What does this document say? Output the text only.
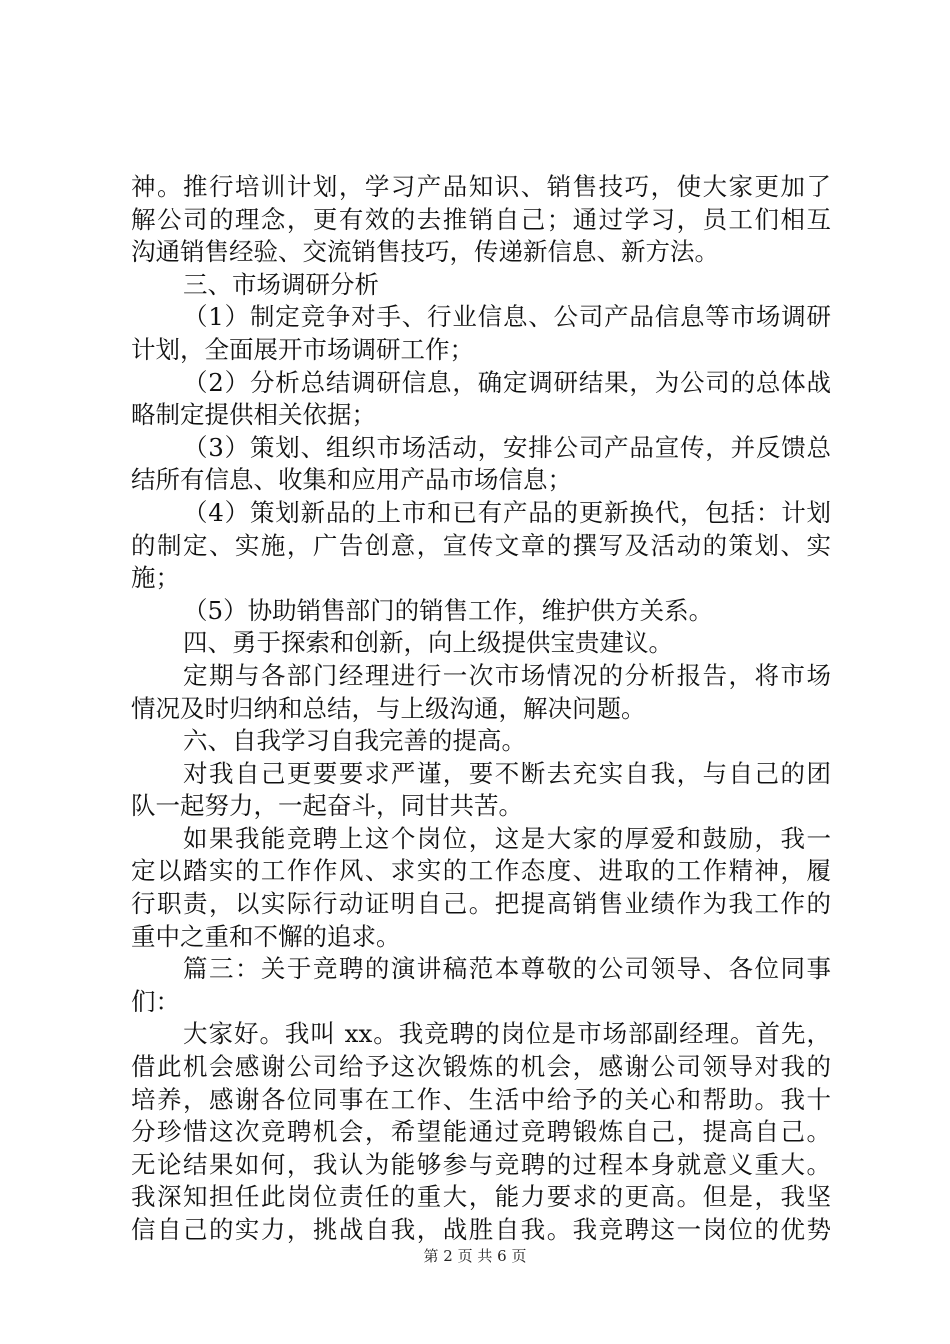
神。推行培训计划，学习产品知识、销售技巧，使大家更加了
解公司的理念，更有效的去推销自己；通过学习，员工们相互
沟通销售经验、交流销售技巧，传递新信息、新方法。
三、市场调研分析
（1）制定竞争对手、行业信息、公司产品信息等市场调研
计划，全面展开市场调研工作；
（2）分析总结调研信息，确定调研结果，为公司的总体战
略制定提供相关依据；
（3）策划、组织市场活动，安排公司产品宣传，并反馈总
结所有信息、收集和应用产品市场信息；
（4）策划新品的上市和已有产品的更新换代，包括：计划
的制定、实施，广告创意，宣传文章的撰写及活动的策划、实
施；
（5）协助销售部门的销售工作，维护供方关系。
四、勇于探索和创新，向上级提供宝贵建议。
定期与各部门经理进行一次市场情况的分析报告，将市场
情况及时归纳和总结，与上级沟通，解决问题。
六、自我学习自我完善的提高。
对我自己更要要求严谨，要不断去充实自我，与自己的团
队一起努力，一起奋斗，同甘共苦。
如果我能竞聘上这个岗位，这是大家的厚爱和鼓励，我一
定以踏实的工作作风、求实的工作态度、进取的工作精神，履
行职责，以实际行动证明自己。把提高销售业绩作为我工作的
重中之重和不懈的追求。
篇三：关于竞聘的演讲稿范本尊敬的公司领导、各位同事
们：
大家好。我叫 xx。我竞聘的岗位是市场部副经理。首先，
借此机会感谢公司给予这次锻炼的机会，感谢公司领导对我的
培养，感谢各位同事在工作、生活中给予的关心和帮助。我十
分珍惜这次竞聘机会，希望能通过竞聘锻炼自己，提高自己。
无论结果如何，我认为能够参与竞聘的过程本身就意义重大。
我深知担任此岗位责任的重大，能力要求的更高。但是，我坚
信自己的实力，挑战自我，战胜自我。我竞聘这一岗位的优势
第 2 页 共 6 页
